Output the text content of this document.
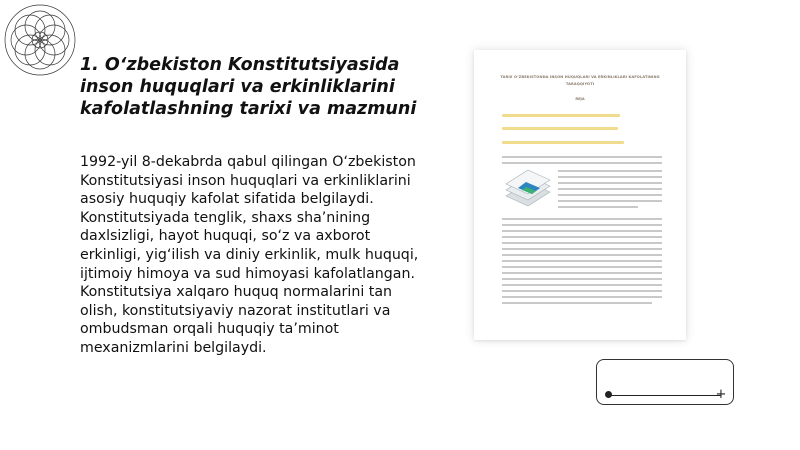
1. O‘zbekiston Konstitutsiyasida inson huquqlari va erkinliklarini kafolatlashning tarixi va mazmuni

1992-yil 8-dekabrda qabul qilingan O‘zbekiston Konstitutsiyasi inson huquqlari va erkinliklarini asosiy huquqiy kafolat sifatida belgilaydi. Konstitutsiyada tenglik, shaxs sha’nining daxlsizligi, hayot huquqi, so‘z va axborot erkinligi, yig‘ilish va diniy erkinlik, mulk huquqi, ijtimoiy himoya va sud himoyasi kafolatlangan. Konstitutsiya xalqaro huquq normalarini tan olish, konstitutsiyaviy nazorat institutlari va ombudsman orqali huquqiy ta’minot mexanizmlarini belgilaydi.

TARIX O‘ZBEKISTONDA INSON HUQUQLARI VA ERKINLIKLARI KAFOLATINING TARAQQIYOTI
REJA
+
